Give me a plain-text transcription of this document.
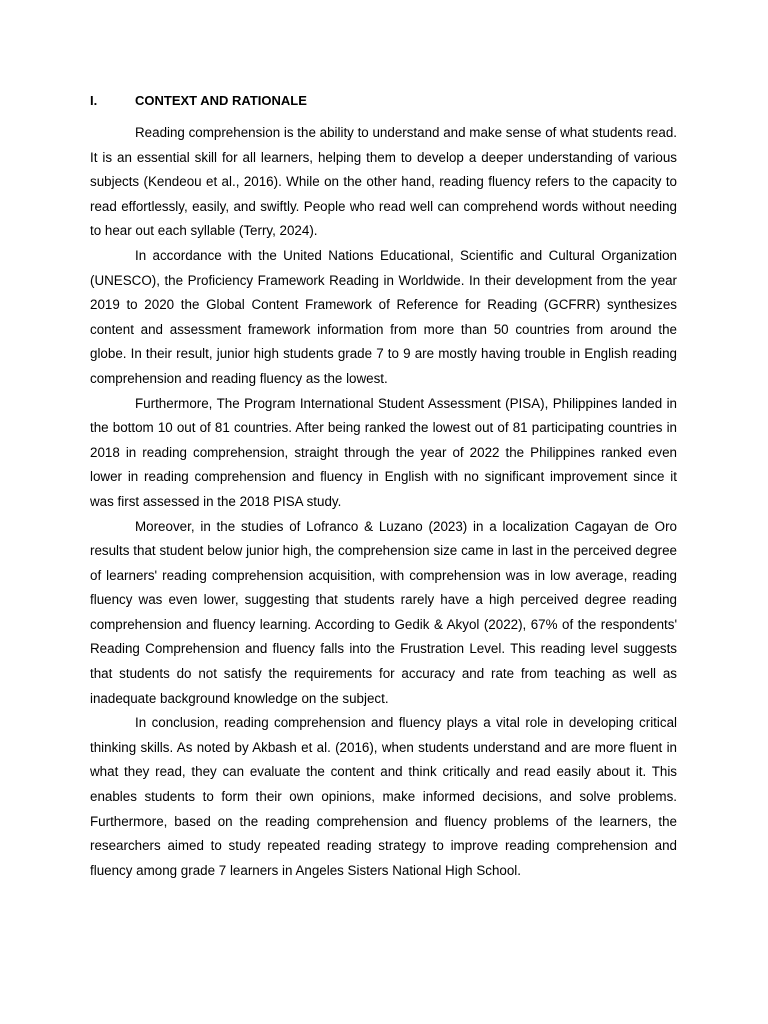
I.	CONTEXT AND RATIONALE

Reading comprehension is the ability to understand and make sense of what students read. It is an essential skill for all learners, helping them to develop a deeper understanding of various subjects (Kendeou et al., 2016). While on the other hand, reading fluency refers to the capacity to read effortlessly, easily, and swiftly. People who read well can comprehend words without needing to hear out each syllable (Terry, 2024).

In accordance with the United Nations Educational, Scientific and Cultural Organization (UNESCO), the Proficiency Framework Reading in Worldwide. In their development from the year 2019 to 2020 the Global Content Framework of Reference for Reading (GCFRR) synthesizes content and assessment framework information from more than 50 countries from around the globe. In their result, junior high students grade 7 to 9 are mostly having trouble in English reading comprehension and reading fluency as the lowest.

Furthermore, The Program International Student Assessment (PISA), Philippines landed in the bottom 10 out of 81 countries. After being ranked the lowest out of 81 participating countries in 2018 in reading comprehension, straight through the year of 2022 the Philippines ranked even lower in reading comprehension and fluency in English with no significant improvement since it was first assessed in the 2018 PISA study.

Moreover, in the studies of Lofranco & Luzano (2023) in a localization Cagayan de Oro results that student below junior high, the comprehension size came in last in the perceived degree of learners' reading comprehension acquisition, with comprehension was in low average, reading fluency was even lower, suggesting that students rarely have a high perceived degree reading comprehension and fluency learning. According to Gedik & Akyol (2022), 67% of the respondents' Reading Comprehension and fluency falls into the Frustration Level. This reading level suggests that students do not satisfy the requirements for accuracy and rate from teaching as well as inadequate background knowledge on the subject.

In conclusion, reading comprehension and fluency plays a vital role in developing critical thinking skills. As noted by Akbash et al. (2016), when students understand and are more fluent in what they read, they can evaluate the content and think critically and read easily about it. This enables students to form their own opinions, make informed decisions, and solve problems. Furthermore, based on the reading comprehension and fluency problems of the learners, the researchers aimed to study repeated reading strategy to improve reading comprehension and fluency among grade 7 learners in Angeles Sisters National High School.
